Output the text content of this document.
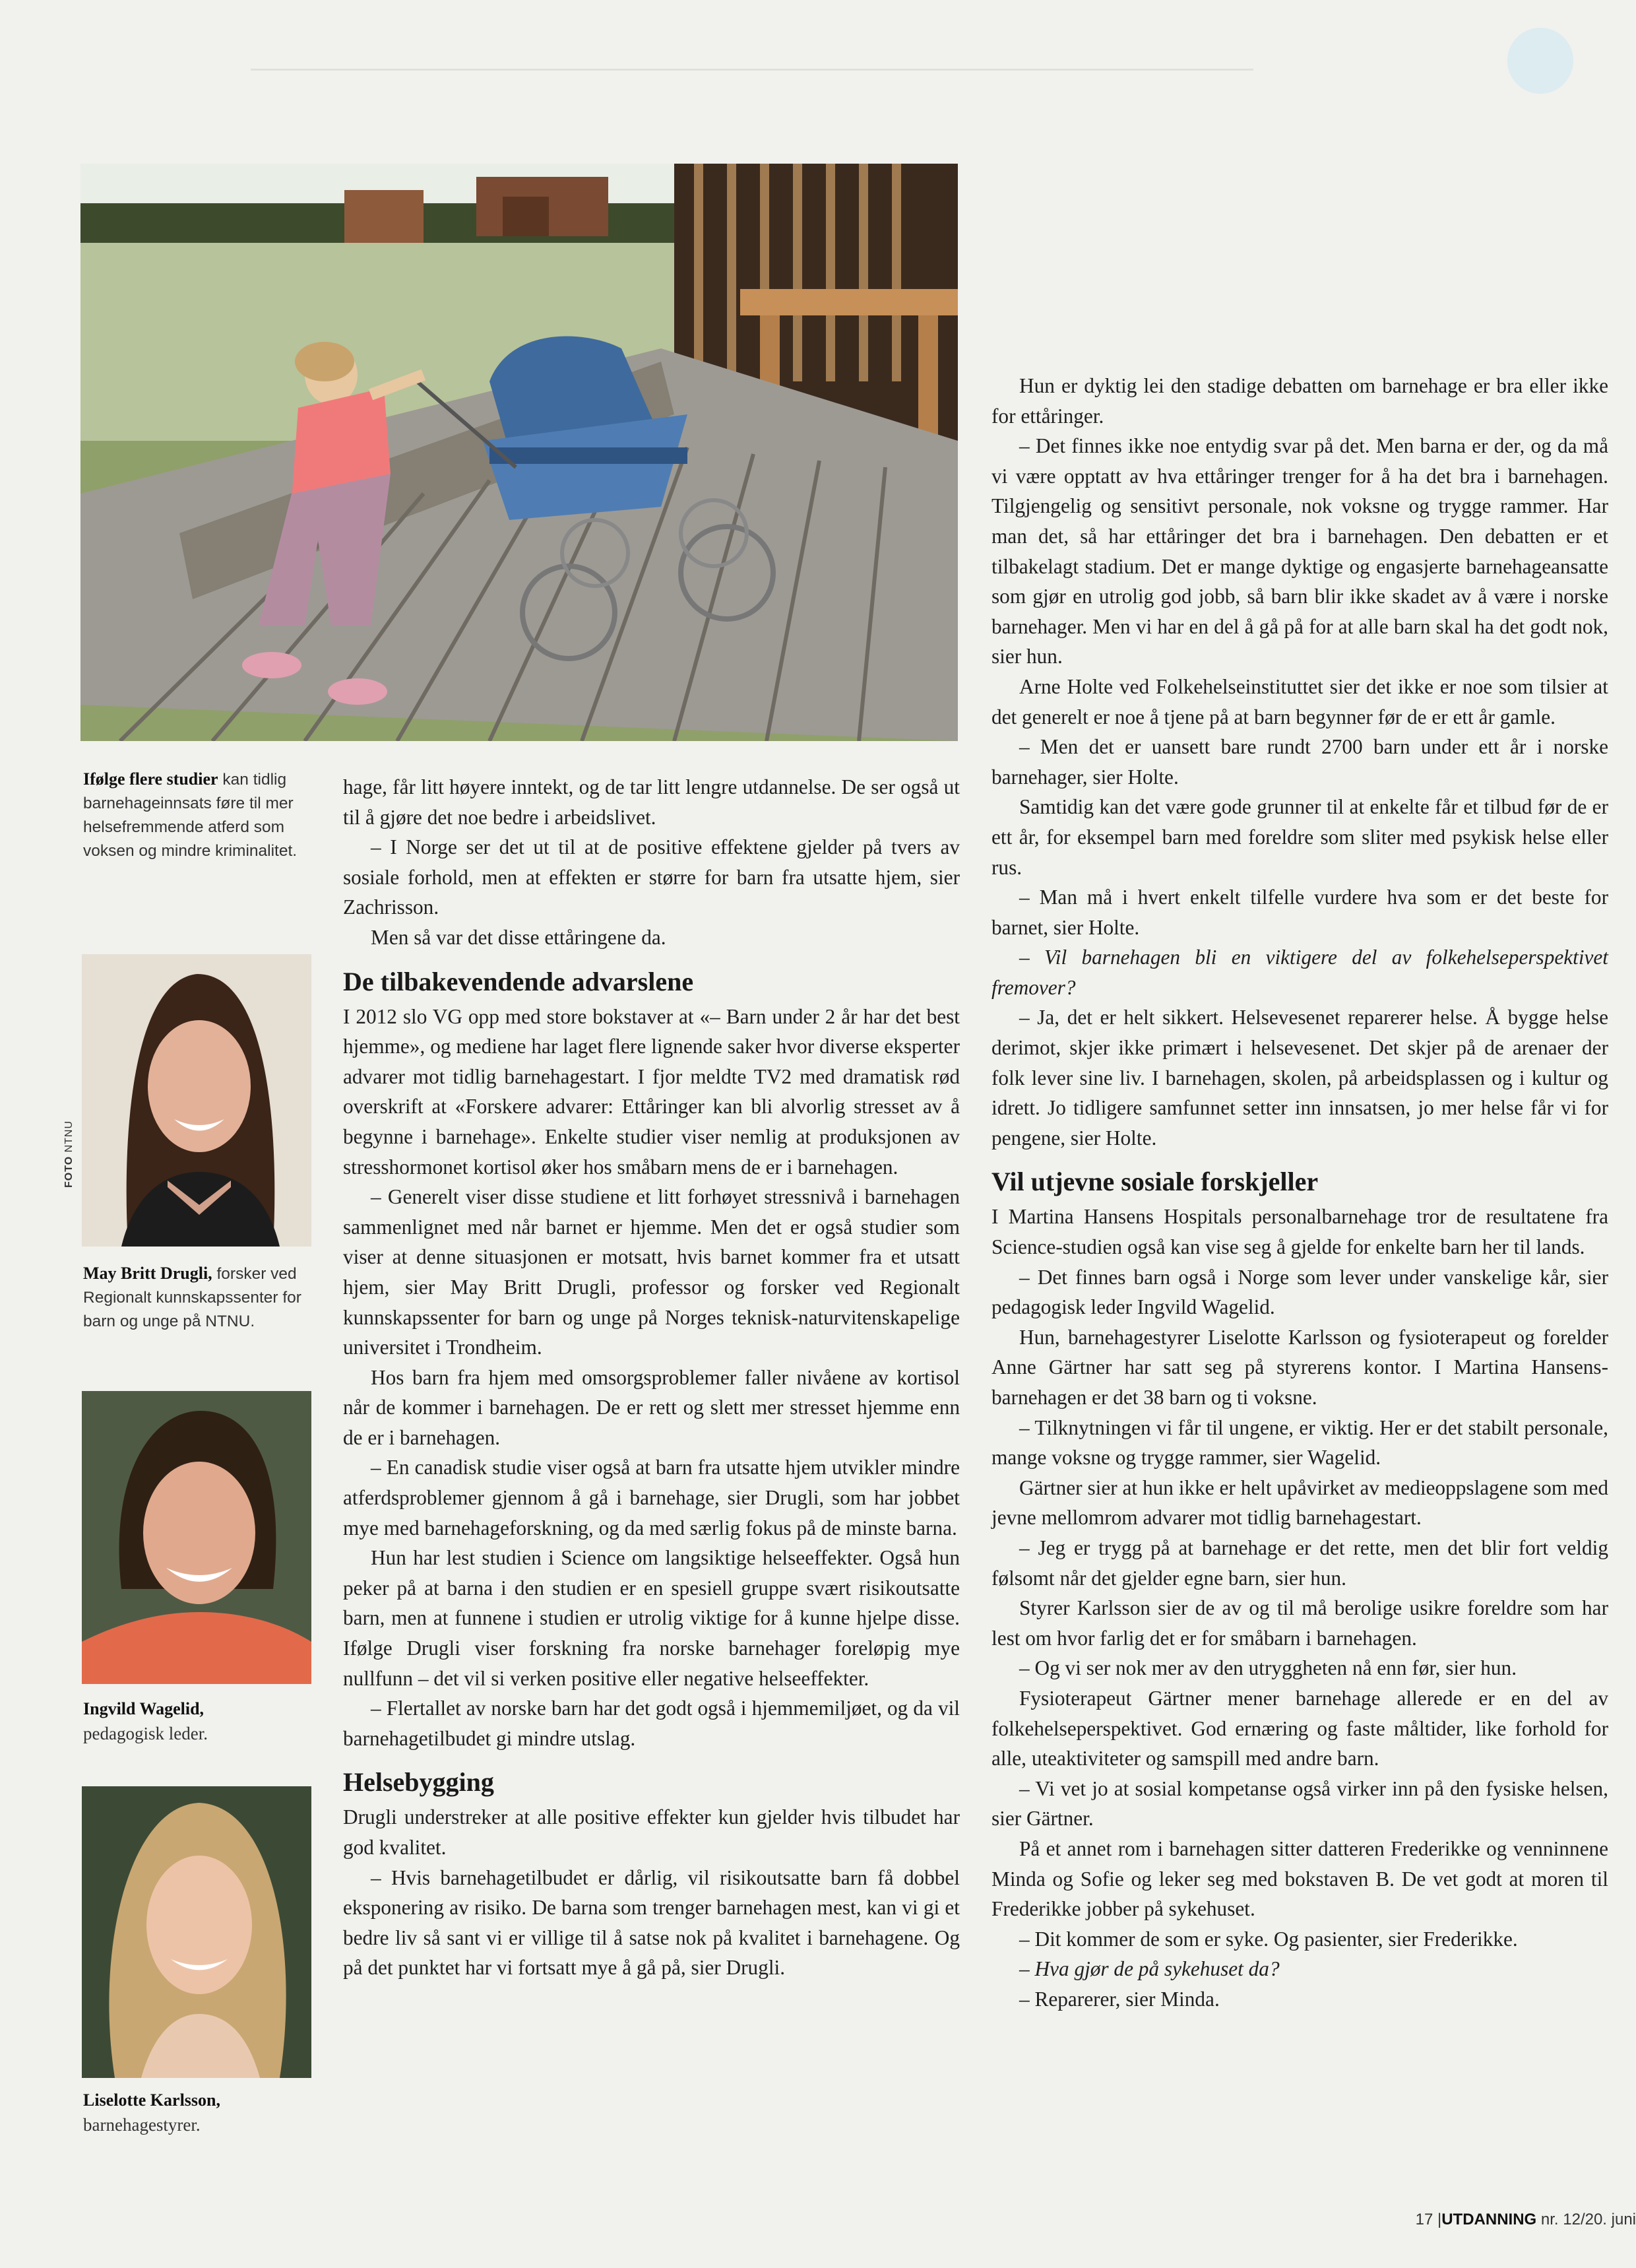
Ifølge flere studier kan tidlig barnehageinnsats føre til mer helsefremmende atferd som voksen og mindre kriminalitet.
FOTO NTNU
May Britt Drugli, forsker ved Regionalt kunnskapssenter for barn og unge på NTNU.
Ingvild Wagelid,
pedagogisk leder.
Liselotte Karlsson,
barnehagestyrer.

hage, får litt høyere inntekt, og de tar litt lengre utdannelse. De ser også ut til å gjøre det noe bedre i arbeidslivet.

– I Norge ser det ut til at de positive effektene gjelder på tvers av sosiale forhold, men at effekten er større for barn fra utsatte hjem, sier Zachrisson.

Men så var det disse ettåringene da.

De tilbakevendende advarslene

I 2012 slo VG opp med store bokstaver at «– Barn under 2 år har det best hjemme», og mediene har laget flere lignende saker hvor diverse eksperter advarer mot tidlig barnehagestart. I fjor meldte TV2 med dramatisk rød overskrift at «Forskere advarer: Ettåringer kan bli alvorlig stresset av å begynne i barnehage». Enkelte studier viser nemlig at produksjonen av stresshormonet kortisol øker hos småbarn mens de er i barnehagen.

– Generelt viser disse studiene et litt forhøyet stressnivå i barnehagen sammenlignet med når barnet er hjemme. Men det er også studier som viser at denne situasjonen er motsatt, hvis barnet kommer fra et utsatt hjem, sier May Britt Drugli, professor og forsker ved Regionalt kunnskapssenter for barn og unge på Norges teknisk-naturvitenskapelige universitet i Trondheim.

Hos barn fra hjem med omsorgsproblemer faller nivåene av kortisol når de kommer i barnehagen. De er rett og slett mer stresset hjemme enn de er i barnehagen.

– En canadisk studie viser også at barn fra utsatte hjem utvikler mindre atferdsproblemer gjennom å gå i barnehage, sier Drugli, som har jobbet mye med barnehageforskning, og da med særlig fokus på de minste barna.

Hun har lest studien i Science om langsiktige helseeffekter. Også hun peker på at barna i den studien er en spesiell gruppe svært risikoutsatte barn, men at funnene i studien er utrolig viktige for å kunne hjelpe disse. Ifølge Drugli viser forskning fra norske barnehager foreløpig mye nullfunn – det vil si verken positive eller negative helseeffekter.

– Flertallet av norske barn har det godt også i hjemmemiljøet, og da vil barnehagetilbudet gi mindre utslag.

Helsebygging

Drugli understreker at alle positive effekter kun gjelder hvis tilbudet har god kvalitet.

– Hvis barnehagetilbudet er dårlig, vil risikoutsatte barn få dobbel eksponering av risiko. De barna som trenger barnehagen mest, kan vi gi et bedre liv så sant vi er villige til å satse nok på kvalitet i barnehagene. Og på det punktet har vi fortsatt mye å gå på, sier Drugli.

Hun er dyktig lei den stadige debatten om barnehage er bra eller ikke for ettåringer.

– Det finnes ikke noe entydig svar på det. Men barna er der, og da må vi være opptatt av hva ettåringer trenger for å ha det bra i barnehagen. Tilgjengelig og sensitivt personale, nok voksne og trygge rammer. Har man det, så har ettåringer det bra i barnehagen. Den debatten er et tilbakelagt stadium. Det er mange dyktige og engasjerte barnehageansatte som gjør en utrolig god jobb, så barn blir ikke skadet av å være i norske barnehager. Men vi har en del å gå på for at alle barn skal ha det godt nok, sier hun.

Arne Holte ved Folkehelseinstituttet sier det ikke er noe som tilsier at det generelt er noe å tjene på at barn begynner før de er ett år gamle.

– Men det er uansett bare rundt 2700 barn under ett år i norske barnehager, sier Holte.

Samtidig kan det være gode grunner til at enkelte får et tilbud før de er ett år, for eksempel barn med foreldre som sliter med psykisk helse eller rus.

– Man må i hvert enkelt tilfelle vurdere hva som er det beste for barnet, sier Holte.

– Vil barnehagen bli en viktigere del av folkehelseperspektivet fremover?

– Ja, det er helt sikkert. Helsevesenet reparerer helse. Å bygge helse derimot, skjer ikke primært i helsevesenet. Det skjer på de arenaer der folk lever sine liv. I barnehagen, skolen, på arbeidsplassen og i kultur og idrett. Jo tidligere samfunnet setter inn innsatsen, jo mer helse får vi for pengene, sier Holte.

Vil utjevne sosiale forskjeller

I Martina Hansens Hospitals personalbarnehage tror de resultatene fra Science-studien også kan vise seg å gjelde for enkelte barn her til lands.

– Det finnes barn også i Norge som lever under vanskelige kår, sier pedagogisk leder Ingvild Wagelid.

Hun, barnehagestyrer Liselotte Karlsson og fysioterapeut og forelder Anne Gärtner har satt seg på styrerens kontor. I Martina Hansens-barnehagen er det 38 barn og ti voksne.

– Tilknytningen vi får til ungene, er viktig. Her er det stabilt personale, mange voksne og trygge rammer, sier Wagelid.

Gärtner sier at hun ikke er helt upåvirket av medieoppslagene som med jevne mellomrom advarer mot tidlig barnehagestart.

– Jeg er trygg på at barnehage er det rette, men det blir fort veldig følsomt når det gjelder egne barn, sier hun.

Styrer Karlsson sier de av og til må berolige usikre foreldre som har lest om hvor farlig det er for småbarn i barnehagen.

– Og vi ser nok mer av den utryggheten nå enn før, sier hun.

Fysioterapeut Gärtner mener barnehage allerede er en del av folkehelseperspektivet. God ernæring og faste måltider, like forhold for alle, uteaktiviteter og samspill med andre barn.

– Vi vet jo at sosial kompetanse også virker inn på den fysiske helsen, sier Gärtner.

På et annet rom i barnehagen sitter datteren Frederikke og venninnene Minda og Sofie og leker seg med bokstaven B. De vet godt at moren til Frederikke jobber på sykehuset.

– Dit kommer de som er syke. Og pasienter, sier Frederikke.

– Hva gjør de på sykehuset da?

– Reparerer, sier Minda.

17 |UTDANNING nr. 12/20. juni
